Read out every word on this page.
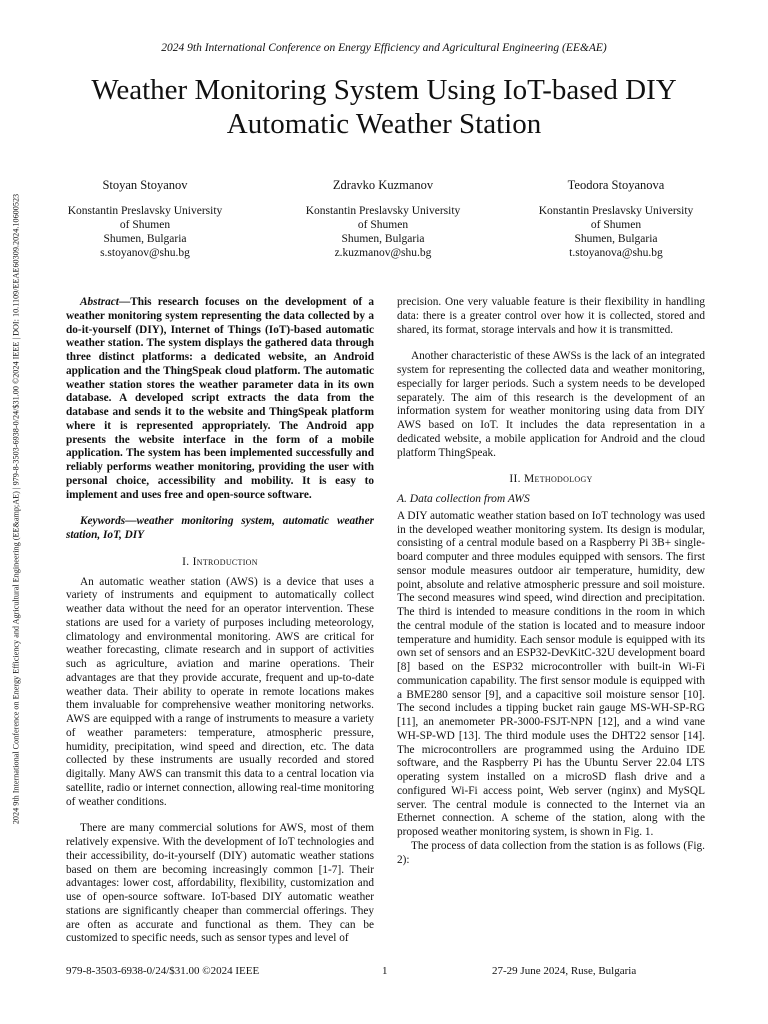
2024 9th International Conference on Energy Efficiency and Agricultural Engineering (EE&AE)
Weather Monitoring System Using IoT-based DIY Automatic Weather Station
Stoyan Stoyanov
Konstantin Preslavsky University
of Shumen
Shumen, Bulgaria
s.stoyanov@shu.bg
Zdravko Kuzmanov
Konstantin Preslavsky University
of Shumen
Shumen, Bulgaria
z.kuzmanov@shu.bg
Teodora Stoyanova
Konstantin Preslavsky University
of Shumen
Shumen, Bulgaria
t.stoyanova@shu.bg
2024 9th International Conference on Energy Efficiency and Agricultural Engineering (EE&amp;AE) | 979-8-3503-6938-0/24/$31.00 ©2024 IEEE | DOI: 10.1109/EEAE60309.2024.10600523	Abstract—This research focuses on the development of a weather monitoring system representing the data collected by a do-it-yourself (DIY), Internet of Things (IoT)-based automatic weather station. The system displays the gathered data through three distinct platforms: a dedicated website, an Android application and the ThingSpeak cloud platform. The automatic weather station stores the weather parameter data in its own database. A developed script extracts the data from the database and sends it to the website and ThingSpeak platform where it is represented appropriately. The Android app presents the website interface in the form of a mobile application. The system has been implemented successfully and reliably performs weather monitoring, providing the user with personal choice, accessibility and mobility. It is easy to implement and uses free and open-source software.

Keywords—weather monitoring system, automatic weather station, IoT, DIY

I. Introduction

An automatic weather station (AWS) is a device that uses a variety of instruments and equipment to automatically collect weather data without the need for an operator intervention. These stations are used for a variety of purposes including meteorology, climatology and environmental monitoring. AWS are critical for weather forecasting, climate research and in support of activities such as agriculture, aviation and marine operations. Their advantages are that they provide accurate, frequent and up-to-date weather data. Their ability to operate in remote locations makes them invaluable for comprehensive weather monitoring networks. AWS are equipped with a range of instruments to measure a variety of weather parameters: temperature, atmospheric pressure, humidity, precipitation, wind speed and direction, etc. The data collected by these instruments are usually recorded and stored digitally. Many AWS can transmit this data to a central location via satellite, radio or internet connection, allowing real-time monitoring of weather conditions.

There are many commercial solutions for AWS, most of them relatively expensive. With the development of IoT technologies and their accessibility, do-it-yourself (DIY) automatic weather stations based on them are becoming increasingly common [1-7]. Their advantages: lower cost, affordability, flexibility, customization and use of open-source software. IoT-based DIY automatic weather stations are significantly cheaper than commercial offerings. They are often as accurate and functional as them. They can be customized to specific needs, such as sensor types and level of

precision. One very valuable feature is their flexibility in handling data: there is a greater control over how it is collected, stored and shared, its format, storage intervals and how it is transmitted.

Another characteristic of these AWSs is the lack of an integrated system for representing the collected data and weather monitoring, especially for larger periods. Such a system needs to be developed separately. The aim of this research is the development of an information system for weather monitoring using data from DIY AWS based on IoT. It includes the data representation in a dedicated website, a mobile application for Android and the cloud platform ThingSpeak.

II. Methodology
A. Data collection from AWS

A DIY automatic weather station based on IoT technology was used in the developed weather monitoring system. Its design is modular, consisting of a central module based on a Raspberry Pi 3B+ single-board computer and three modules equipped with sensors. The first sensor module measures outdoor air temperature, humidity, dew point, absolute and relative atmospheric pressure and soil moisture. The second measures wind speed, wind direction and precipitation. The third is intended to measure conditions in the room in which the central module of the station is located and to measure indoor temperature and humidity. Each sensor module is equipped with its own set of sensors and an ESP32-DevKitC-32U development board [8] based on the ESP32 microcontroller with built-in Wi-Fi communication capability. The first sensor module is equipped with a BME280 sensor [9], and a capacitive soil moisture sensor [10]. The second includes a tipping bucket rain gauge MS-WH-SP-RG [11], an anemometer PR-3000-FSJT-NPN [12], and a wind vane WH-SP-WD [13]. The third module uses the DHT22 sensor [14]. The microcontrollers are programmed using the Arduino IDE software, and the Raspberry Pi has the Ubuntu Server 22.04 LTS operating system installed on a microSD flash drive and a configured Wi-Fi access point, Web server (nginx) and MySQL server. The central module is connected to the Internet via an Ethernet connection. A scheme of the station, along with the proposed weather monitoring system, is shown in Fig. 1.

The process of data collection from the station is as follows (Fig. 2):

979-8-3503-6938-0/24/$31.00 ©2024 IEEE	1	27-29 June 2024, Ruse, Bulgaria
